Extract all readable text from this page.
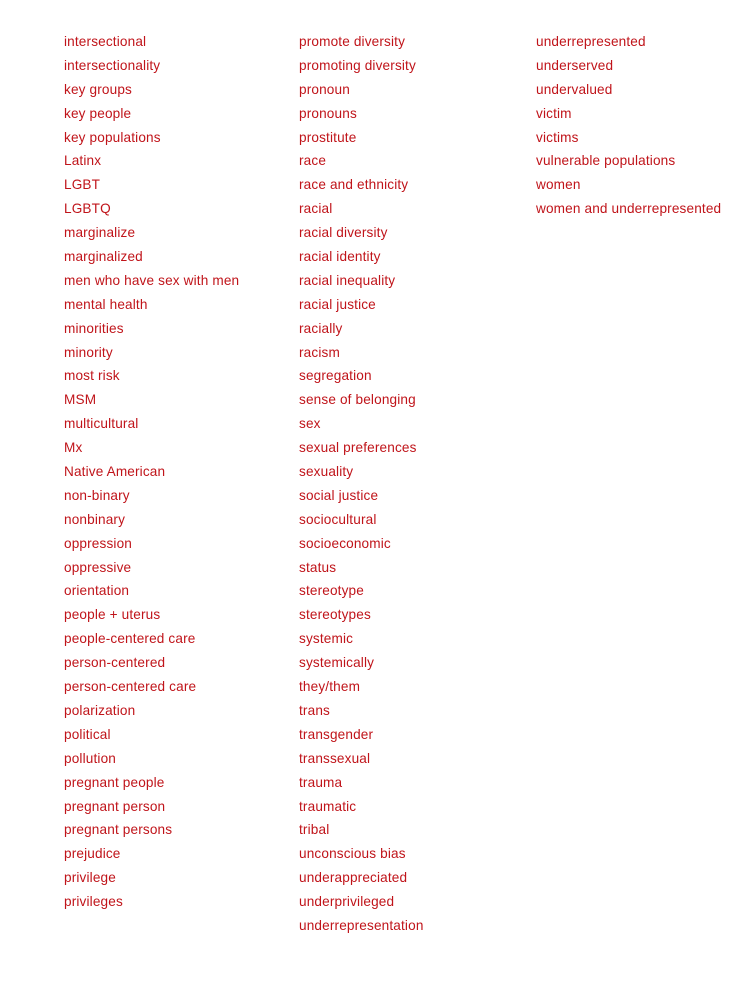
intersectional
intersectionality
key groups
key people
key populations
Latinx
LGBT
LGBTQ
marginalize
marginalized
men who have sex with men
mental health
minorities
minority
most risk
MSM
multicultural
Mx
Native American
non-binary
nonbinary
oppression
oppressive
orientation
people + uterus
people-centered care
person-centered
person-centered care
polarization
political
pollution
pregnant people
pregnant person
pregnant persons
prejudice
privilege
privileges
promote diversity
promoting diversity
pronoun
pronouns
prostitute
race
race and ethnicity
racial
racial diversity
racial identity
racial inequality
racial justice
racially
racism
segregation
sense of belonging
sex
sexual preferences
sexuality
social justice
sociocultural
socioeconomic
status
stereotype
stereotypes
systemic
systemically
they/them
trans
transgender
transsexual
trauma
traumatic
tribal
unconscious bias
underappreciated
underprivileged
underrepresentation
underrepresented
underserved
undervalued
victim
victims
vulnerable populations
women
women and underrepresented
